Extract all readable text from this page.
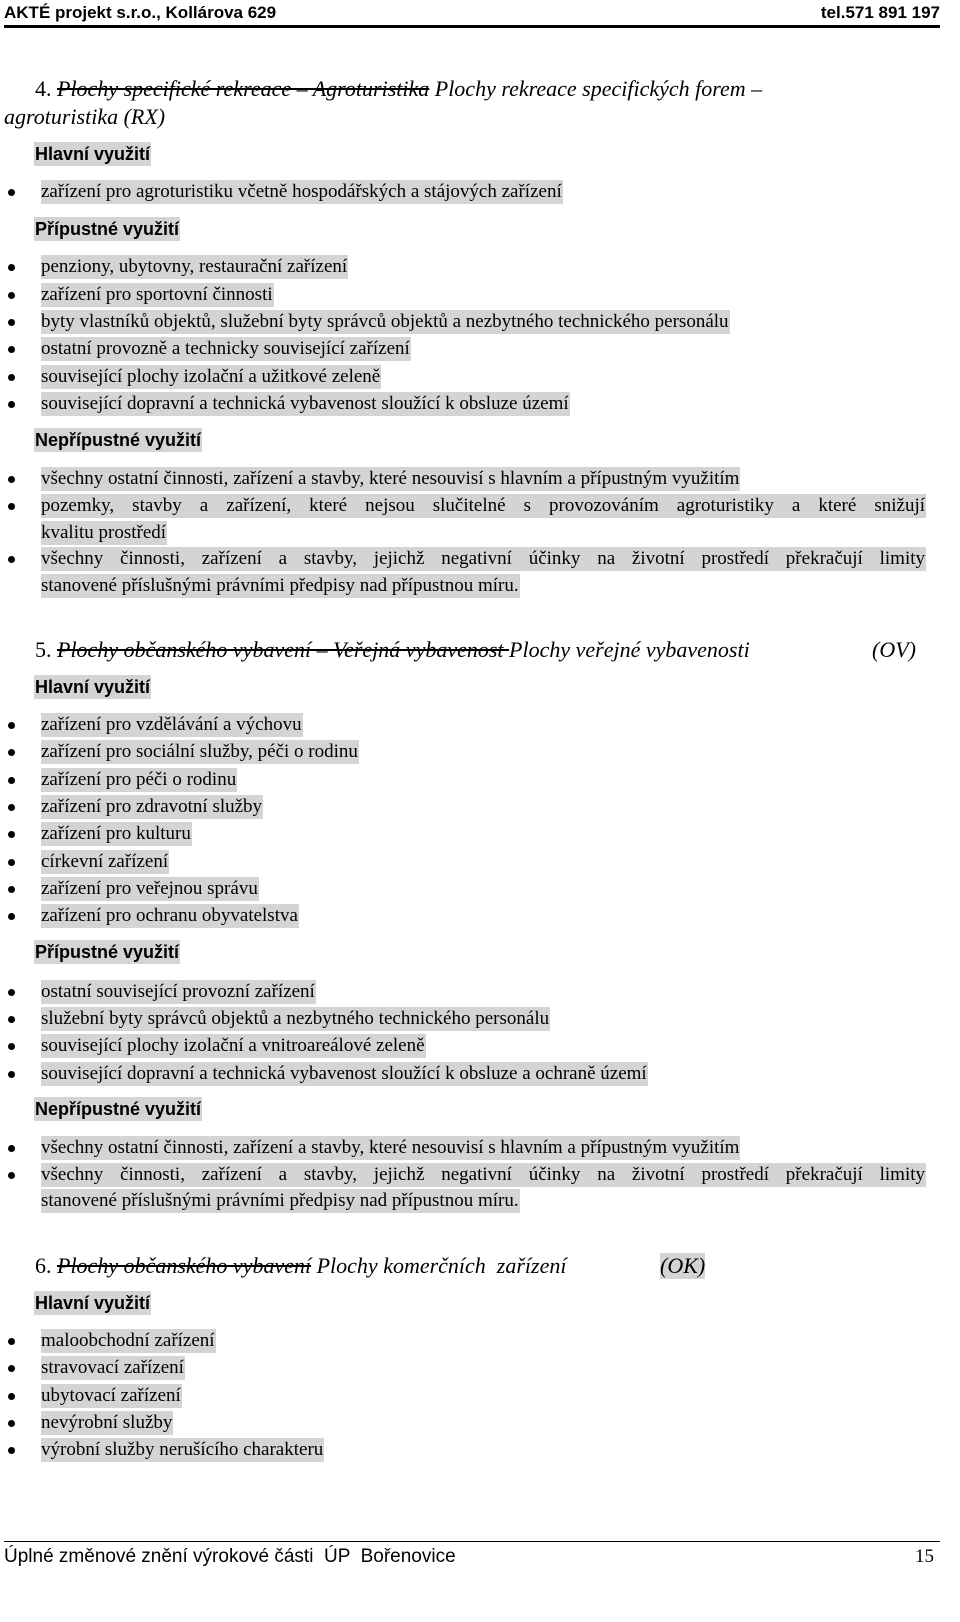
AKTÉ projekt s.r.o., Kollárova 629	tel.571 891 197
4. Plochy specifické rekreace – Agroturistika Plochy rekreace specifických forem –
agroturistika (RX)
Hlavní využití
zařízení pro agroturistiku včetně hospodářských a stájových zařízení
Přípustné využití
penziony, ubytovny, restaurační zařízení
zařízení pro sportovní činnosti
byty vlastníků objektů, služební byty správců objektů a nezbytného technického personálu
ostatní provozně a technicky související zařízení
související plochy izolační a užitkové zeleně
související dopravní a technická vybavenost sloužící k obsluze území
Nepřípustné využití
všechny ostatní činnosti, zařízení a stavby, které nesouvisí s hlavním a přípustným využitím
pozemky, stavby a zařízení, které nejsou slučitelné s provozováním agroturistiky a které snižují
kvalitu prostředí
všechny činnosti, zařízení a stavby, jejichž negativní účinky na životní prostředí překračují limity
stanovené příslušnými právními předpisy nad přípustnou míru.
5. Plochy občanského vybavení – Veřejná vybavenost Plochy veřejné vybavenosti	(OV)
Hlavní využití
zařízení pro vzdělávání a výchovu
zařízení pro sociální služby, péči o rodinu
zařízení pro péči o rodinu
zařízení pro zdravotní služby
zařízení pro kulturu
církevní zařízení
zařízení pro veřejnou správu
zařízení pro ochranu obyvatelstva
Přípustné využití
ostatní související provozní zařízení
služební byty správců objektů a nezbytného technického personálu
související plochy izolační a vnitroareálové zeleně
související dopravní a technická vybavenost sloužící k obsluze a ochraně území
Nepřípustné využití
všechny ostatní činnosti, zařízení a stavby, které nesouvisí s hlavním a přípustným využitím
všechny činnosti, zařízení a stavby, jejichž negativní účinky na životní prostředí překračují limity
stanovené příslušnými právními předpisy nad přípustnou míru.
6. Plochy občanského vybavení Plochy komerčních  zařízení	(OK)
Hlavní využití
maloobchodní zařízení
stravovací zařízení
ubytovací zařízení
nevýrobní služby
výrobní služby nerušícího charakteru
Úplné změnové znění výrokové části  ÚP  Bořenovice	15
